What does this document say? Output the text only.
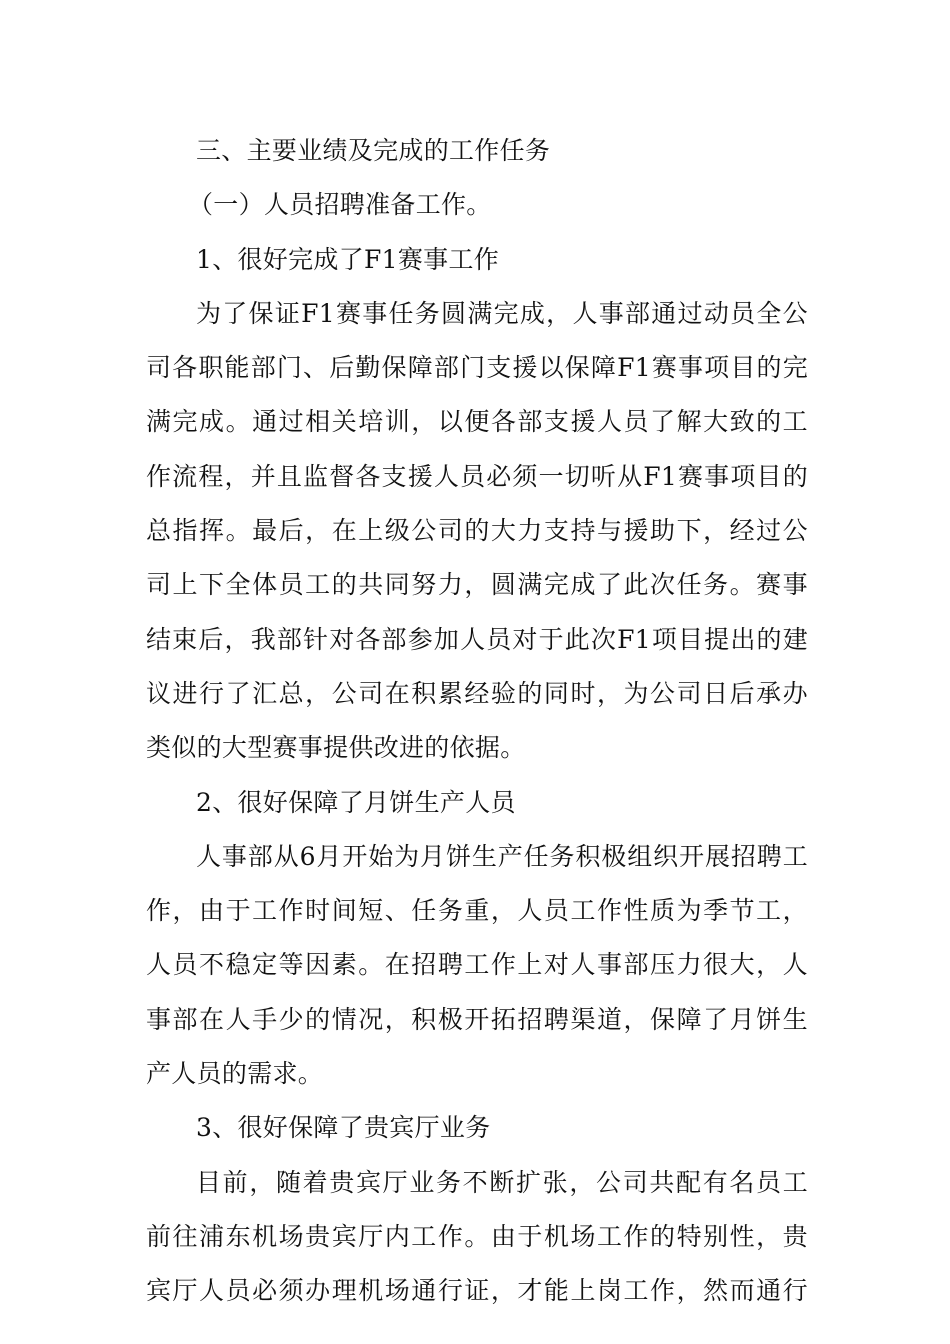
三、主要业绩及完成的工作任务
（一）人员招聘准备工作。
1、很好完成了F1赛事工作
为了保证F1赛事任务圆满完成，人事部通过动员全公
司各职能部门、后勤保障部门支援以保障F1赛事项目的完
满完成。通过相关培训，以便各部支援人员了解大致的工
作流程，并且监督各支援人员必须一切听从F1赛事项目的
总指挥。最后，在上级公司的大力支持与援助下，经过公
司上下全体员工的共同努力，圆满完成了此次任务。赛事
结束后，我部针对各部参加人员对于此次F1项目提出的建
议进行了汇总，公司在积累经验的同时，为公司日后承办
类似的大型赛事提供改进的依据。
2、很好保障了月饼生产人员
人事部从6月开始为月饼生产任务积极组织开展招聘工
作，由于工作时间短、任务重，人员工作性质为季节工，
人员不稳定等因素。在招聘工作上对人事部压力很大，人
事部在人手少的情况，积极开拓招聘渠道，保障了月饼生
产人员的需求。
3、很好保障了贵宾厅业务
目前，随着贵宾厅业务不断扩张，公司共配有名员工
前往浦东机场贵宾厅内工作。由于机场工作的特别性，贵
宾厅人员必须办理机场通行证，才能上岗工作，然而通行
